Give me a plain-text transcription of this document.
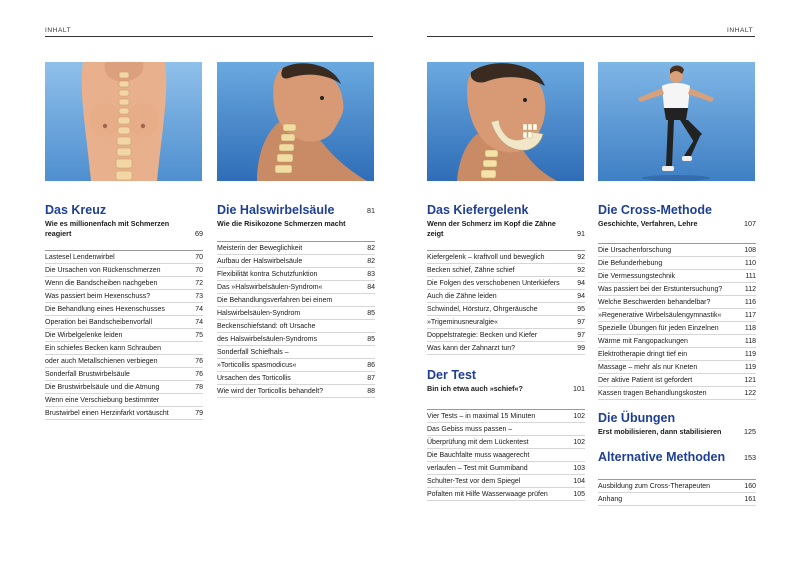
INHALT	INHALT
Das Kreuz
Wie es millionenfach mit Schmerzen reagiert	69
Lastesel Lendenwirbel	70
Die Ursachen von Rückenschmerzen	70
Wenn die Bandscheiben nachgeben	72
Was passiert beim Hexenschuss?	73
Die Behandlung eines Hexenschusses	74
Operation bei Bandscheibenvorfall	74
Die Wirbelgelenke leiden	75
Ein schiefes Becken kann Schrauben
oder auch Metallschienen verbiegen	76
Sonderfall Brustwirbelsäule	76
Die Brustwirbelsäule und die Atmung	78
Wenn eine Verschiebung bestimmter
Brustwirbel einen Herzinfarkt vortäuscht	79
Die Halswirbelsäule	81
Wie die Risikozone Schmerzen macht
Meisterin der Beweglichkeit	82
Aufbau der Halswirbelsäule	82
Flexibilität kontra Schutzfunktion	83
Das »Halswirbelsäulen-Syndrom«	84
Die Behandlungsverfahren bei einem
Halswirbelsäulen-Syndrom	85
Beckenschiefstand: oft Ursache
des Halswirbelsäulen-Syndroms	85
Sonderfall Schiefhals –
»Torticollis spasmodicus«	86
Ursachen des Torticollis	87
Wie wird der Torticollis behandelt?	88
Das Kiefergelenk
Wenn der Schmerz im Kopf die Zähne zeigt	91
Kiefergelenk – kraftvoll und beweglich	92
Becken schief, Zähne schief	92
Die Folgen des verschobenen Unterkiefers	94
Auch die Zähne leiden	94
Schwindel, Hörsturz, Ohrgeräusche	95
»Trigeminusneuralgie«	97
Doppelstrategie: Becken und Kiefer	97
Was kann der Zahnarzt tun?	99
Der Test
Bin ich etwa auch »schief«?	101
Vier Tests – in maximal 15 Minuten	102
Das Gebiss muss passen –
Überprüfung mit dem Lückentest	102
Die Bauchfalte muss waagerecht
verlaufen – Test mit Gummiband	103
Schulter-Test vor dem Spiegel	104
Pofalten mit Hilfe Wasserwaage prüfen	105
Die Cross-Methode
Geschichte, Verfahren, Lehre	107
Die Ursachenforschung	108
Die Befunderhebung	110
Die Vermessungstechnik	111
Was passiert bei der Erstuntersuchung?	112
Welche Beschwerden behandelbar?	116
»Regenerative Wirbelsäulengymnastik«	117
Spezielle Übungen für jeden Einzelnen	118
Wärme mit Fangopackungen	118
Elektrotherapie dringt tief ein	119
Massage – mehr als nur Kneten	119
Der aktive Patient ist gefordert	121
Kassen tragen Behandlungskosten	122
Die Übungen
Erst mobilisieren, dann stabilisieren	125
Alternative Methoden	153
Ausbildung zum Cross-Therapeuten	160
Anhang	161
